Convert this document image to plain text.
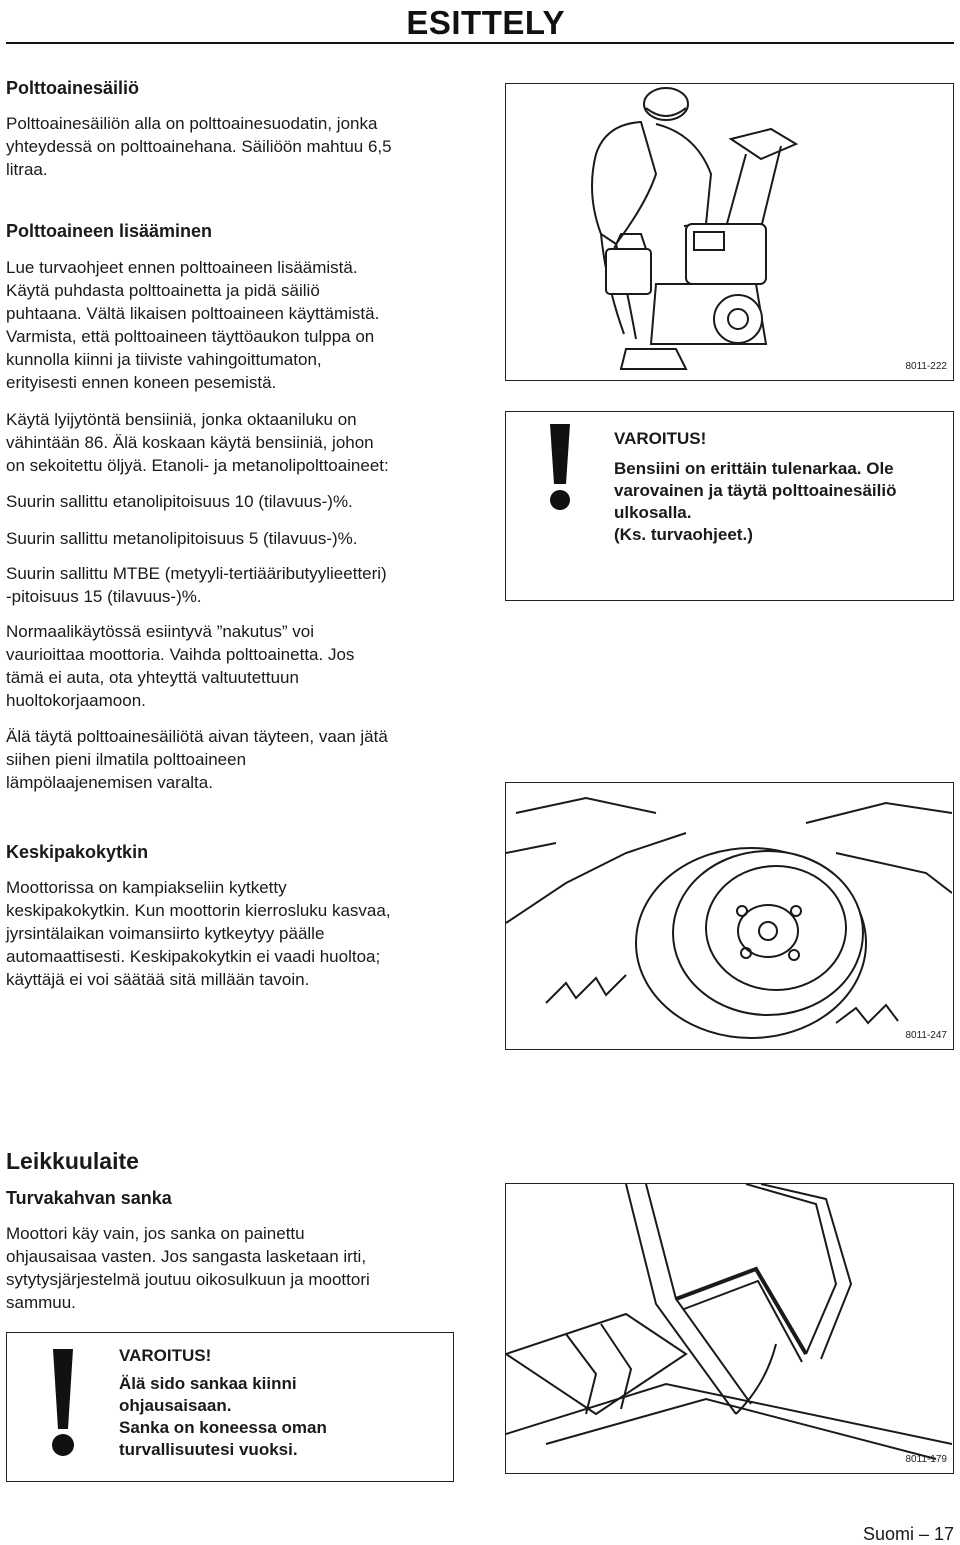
ESITTELY
Polttoainesäiliö

Polttoainesäiliön alla on polttoainesuodatin, jonka

yhteydessä on polttoainehana. Säiliöön mahtuu 6,5

litraa.

Polttoaineen lisääminen

Lue turvaohjeet ennen polttoaineen lisäämistä.

Käytä puhdasta polttoainetta ja pidä säiliö

puhtaana. Vältä likaisen polttoaineen käyttämistä.

Varmista, että polttoaineen täyttöaukon tulppa on

kunnolla kiinni ja tiiviste vahingoittumaton,

erityisesti ennen koneen pesemistä.

Käytä lyijytöntä bensiiniä, jonka oktaaniluku on

vähintään 86. Älä koskaan käytä bensiiniä, johon

on sekoitettu öljyä. Etanoli- ja metanolipolttoaineet:

Suurin sallittu etanolipitoisuus 10 (tilavuus-)%.

Suurin sallittu metanolipitoisuus 5 (tilavuus-)%.

Suurin sallittu MTBE (metyyli-tertiääributyylieetteri)

-pitoisuus 15 (tilavuus-)%.

Normaalikäytössä esiintyvä ”nakutus” voi

vaurioittaa moottoria. Vaihda polttoainetta. Jos

tämä ei auta, ota yhteyttä valtuutettuun

huoltokorjaamoon.

Älä täytä polttoainesäiliötä aivan täyteen, vaan jätä

siihen pieni ilmatila polttoaineen

lämpölaajenemisen varalta.

Keskipakokytkin

Moottorissa on kampiakseliin kytketty

keskipakokytkin. Kun moottorin kierrosluku kasvaa,

jyrsintälaikan voimansiirto kytkeytyy päälle

automaattisesti. Keskipakokytkin ei vaadi huoltoa;

käyttäjä ei voi säätää sitä millään tavoin.

Leikkuulaite
Turvakahvan sanka

Moottori käy vain, jos sanka on painettu

ohjausaisaa vasten. Jos sangasta lasketaan irti,

sytytysjärjestelmä joutuu oikosulkuun ja moottori

sammuu.

VAROITUS!
Älä sido sankaa kiinni
ohjausaisaan.
Sanka on koneessa oman
turvallisuutesi vuoksi.
8011-222
VAROITUS!
Bensiini on erittäin tulenarkaa. Ole
varovainen ja täytä polttoainesäiliö
ulkosalla.
(Ks. turvaohjeet.)
8011-247
8011-179
Suomi – 17
